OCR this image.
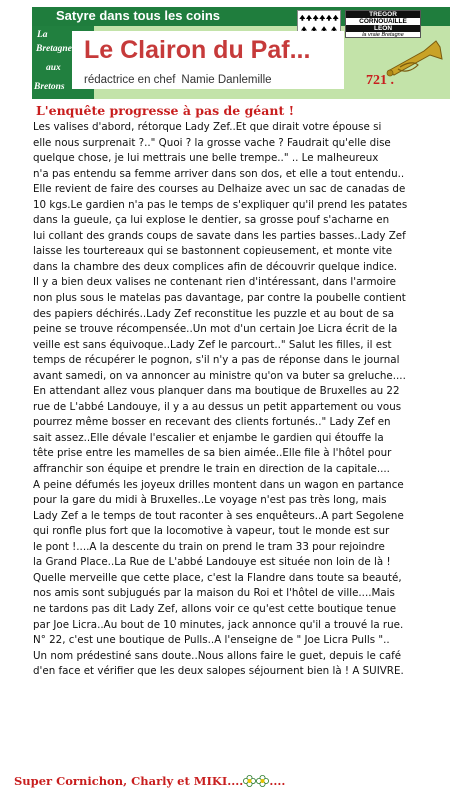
Satyre dans tous les coins
La
Bretagne
aux
Bretons
TREGOR
CORNOUAILLE
LEON
la vraie Bretagne
Le Clairon du Paf...
rédactrice en chef Namie Danlemille	721 .
L'enquête progresse à pas de géant !
Les valises d'abord, rétorque Lady Zef..Et que dirait votre épouse si
elle nous surprenait ?.." Quoi ? la grosse vache ? Faudrait qu'elle dise
quelque chose, je lui mettrais une belle trempe.." .. Le malheureux
n'a pas entendu sa femme arriver dans son dos, et elle a tout entendu..
Elle revient de faire des courses au Delhaize avec un sac de canadas de
10 kgs.Le gardien n'a pas le temps de s'expliquer qu'il prend les patates
dans la gueule, ça lui explose le dentier, sa grosse pouf s'acharne en
lui collant des grands coups de savate dans les parties basses..Lady Zef
laisse les tourtereaux qui se bastonnent copieusement, et monte vite
dans la chambre des deux complices afin de découvrir quelque indice.
Il y a bien deux valises ne contenant rien d'intéressant, dans l'armoire
non plus sous le matelas pas davantage, par contre la poubelle contient
des papiers déchirés..Lady Zef reconstitue les puzzle et au bout de sa
peine se trouve récompensée..Un mot d'un certain Joe Licra écrit de la
veille est sans équivoque..Lady Zef le parcourt.." Salut les filles, il est
temps de récupérer le pognon, s'il n'y a pas de réponse dans le journal
avant samedi, on va annoncer au ministre qu'on va buter sa greluche....
En attendant allez vous planquer dans ma boutique de Bruxelles au 22
rue de L'abbé Landouye, il y a au dessus un petit appartement ou vous
pourrez même bosser en recevant des clients fortunés.." Lady Zef en
sait assez..Elle dévale l'escalier et enjambe le gardien qui étouffe la
tête prise entre les mamelles de sa bien aimée..Elle file à l'hôtel pour
affranchir son équipe et prendre le train en direction de la capitale....
A peine défumés les joyeux drilles montent dans un wagon en partance
pour la gare du midi à Bruxelles..Le voyage n'est pas très long, mais
Lady Zef a le temps de tout raconter à ses enquêteurs..A part Segolene
qui ronfle plus fort que la locomotive à vapeur, tout le monde est sur
le pont !....A la descente du train on prend le tram 33 pour rejoindre
la Grand Place..La Rue de L'abbé Landouye est située non loin de là !
Quelle merveille que cette place, c'est la Flandre dans toute sa beauté,
nos amis sont subjugués par la maison du Roi et l'hôtel de ville....Mais
ne tardons pas dit Lady Zef, allons voir ce qu'est cette boutique tenue
par Joe Licra..Au bout de 10 minutes, jack annonce qu'il a trouvé la rue.
N° 22, c'est une boutique de Pulls..A l'enseigne de " Joe Licra Pulls "..
Un nom prédestiné sans doute..Nous allons faire le guet, depuis le café
d'en face et vérifier que les deux salopes séjournent bien là ! A SUIVRE.
Super Cornichon, Charly et MIKI.... ....
